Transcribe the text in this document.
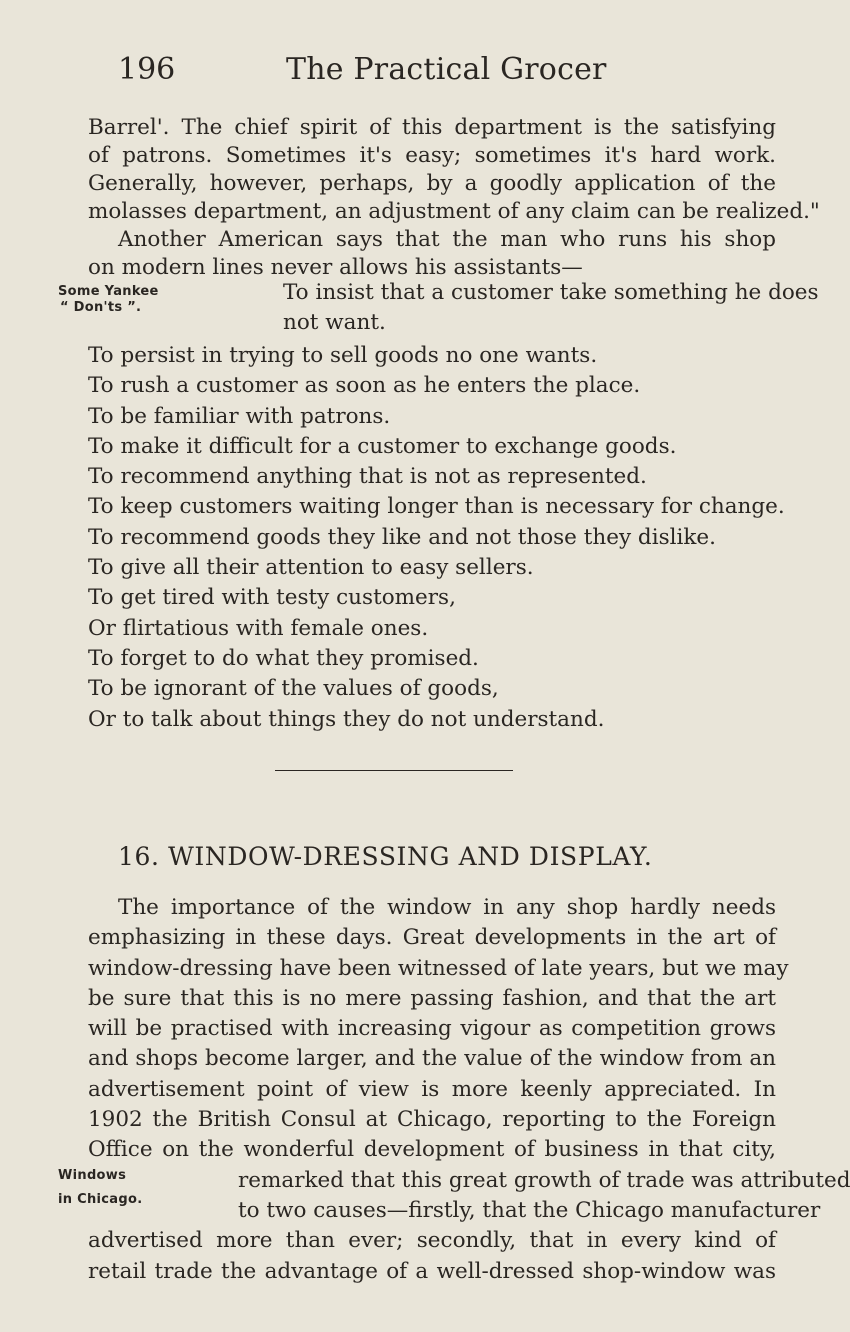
196	The Practical Grocer
Barrel'. The chief spirit of this department is the satisfying
of patrons. Sometimes it's easy; sometimes it's hard work.
Generally, however, perhaps, by a goodly application of the
molasses department, an adjustment of any claim can be realized."
Another American says that the man who runs his shop
on modern lines never allows his assistants—
Some Yankee
“ Don'ts ”.
To insist that a customer take something he does
not want.
To persist in trying to sell goods no one wants.
To rush a customer as soon as he enters the place.
To be familiar with patrons.
To make it difficult for a customer to exchange goods.
To recommend anything that is not as represented.
To keep customers waiting longer than is necessary for change.
To recommend goods they like and not those they dislike.
To give all their attention to easy sellers.
To get tired with testy customers,
Or flirtatious with female ones.
To forget to do what they promised.
To be ignorant of the values of goods,
Or to talk about things they do not understand.
16. WINDOW-DRESSING AND DISPLAY.
The importance of the window in any shop hardly needs
emphasizing in these days. Great developments in the art of
window-dressing have been witnessed of late years, but we may
be sure that this is no mere passing fashion, and that the art
will be practised with increasing vigour as competition grows
and shops become larger, and the value of the window from an
advertisement point of view is more keenly appreciated. In
1902 the British Consul at Chicago, reporting to the Foreign
Office on the wonderful development of business in that city,
remarked that this great growth of trade was attributed
to two causes—firstly, that the Chicago manufacturer
advertised more than ever; secondly, that in every kind of
retail trade the advantage of a well-dressed shop-window was
Windows
in Chicago.
